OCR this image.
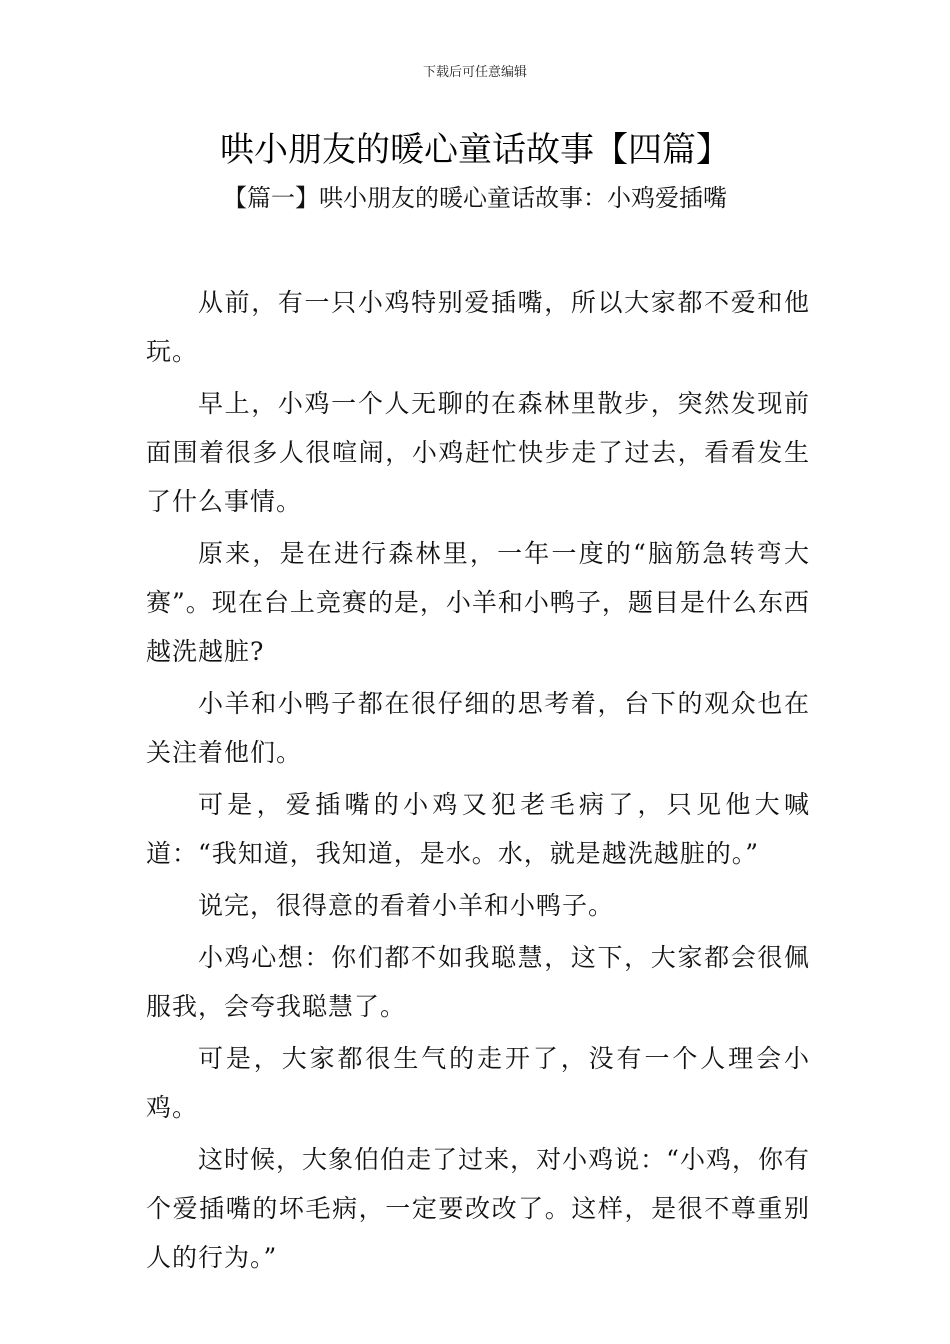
下载后可任意编辑
哄小朋友的暖心童话故事【四篇】
【篇一】哄小朋友的暖心童话故事：小鸡爱插嘴

从前，有一只小鸡特别爱插嘴，所以大家都不爱和他玩。

早上，小鸡一个人无聊的在森林里散步，突然发现前面围着很多人很喧闹，小鸡赶忙快步走了过去，看看发生了什么事情。

原来，是在进行森林里，一年一度的“脑筋急转弯大赛”。现在台上竞赛的是，小羊和小鸭子，题目是什么东西越洗越脏?

小羊和小鸭子都在很仔细的思考着，台下的观众也在关注着他们。

可是，爱插嘴的小鸡又犯老毛病了，只见他大喊道：“我知道，我知道，是水。水，就是越洗越脏的。”

说完，很得意的看着小羊和小鸭子。

小鸡心想：你们都不如我聪慧，这下，大家都会很佩服我，会夸我聪慧了。

可是，大家都很生气的走开了，没有一个人理会小鸡。

这时候，大象伯伯走了过来，对小鸡说：“小鸡，你有个爱插嘴的坏毛病，一定要改改了。这样，是很不尊重别人的行为。”
